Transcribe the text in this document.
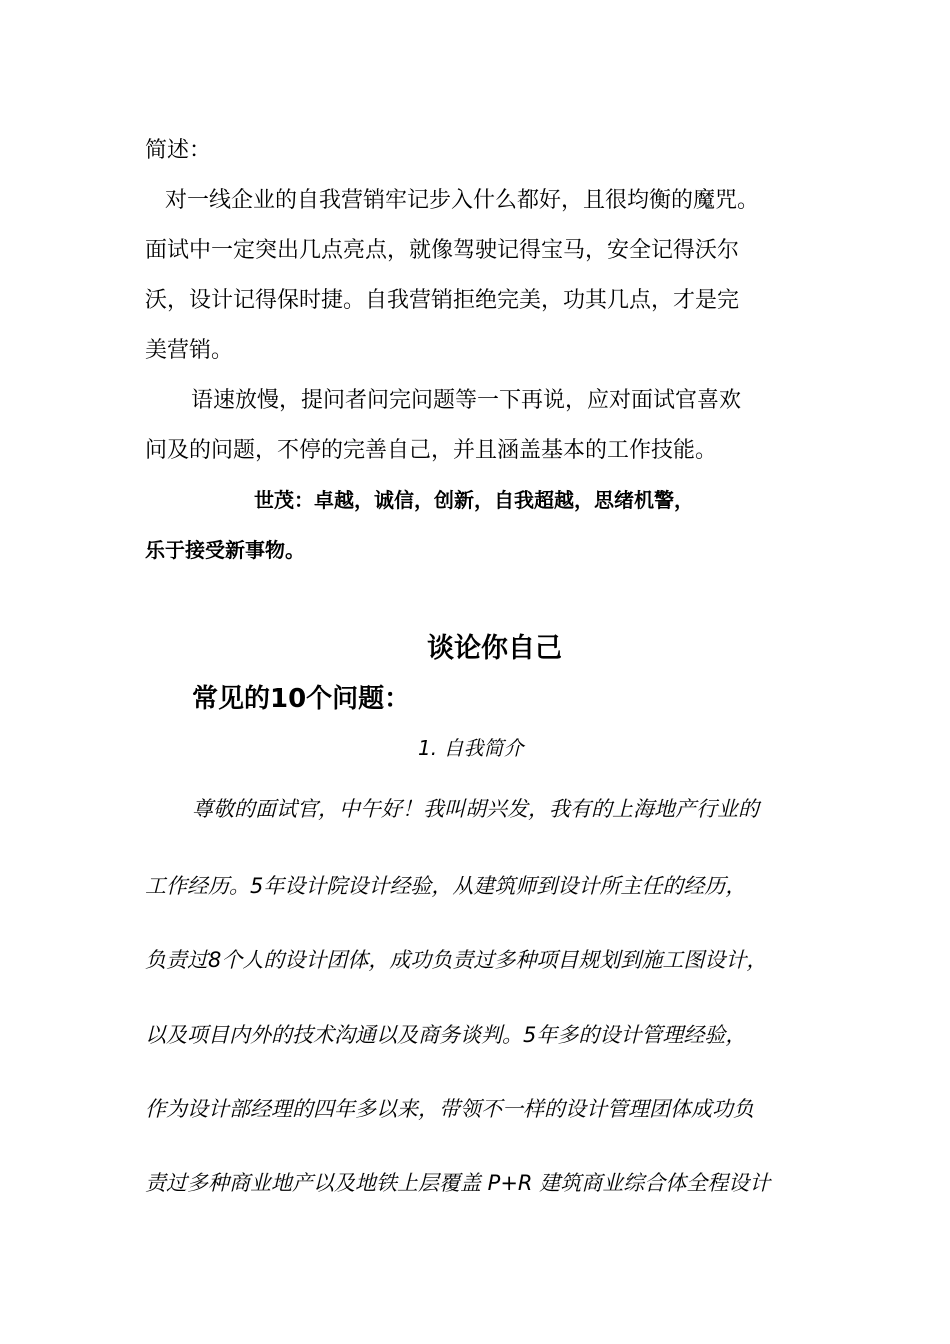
简述：

对一线企业的自我营销牢记步入什么都好，且很均衡的魔咒。

面试中一定突出几点亮点，就像驾驶记得宝马，安全记得沃尔

沃，设计记得保时捷。自我营销拒绝完美，功其几点，才是完

美营销。

语速放慢，提问者问完问题等一下再说，应对面试官喜欢

问及的问题，不停的完善自己，并且涵盖基本的工作技能。

世茂：卓越，诚信，创新，自我超越，思绪机警，

乐于接受新事物。

谈论你自己

常见的10个问题：

1. 自我简介

尊敬的面试官，中午好！我叫胡兴发，我有的上海地产行业的

工作经历。5年设计院设计经验，从建筑师到设计所主任的经历，

负责过8个人的设计团体，成功负责过多种项目规划到施工图设计，

以及项目内外的技术沟通以及商务谈判。5年多的设计管理经验，

作为设计部经理的四年多以来，带领不一样的设计管理团体成功负

责过多种商业地产以及地铁上层覆盖 P+R 建筑商业综合体全程设计
